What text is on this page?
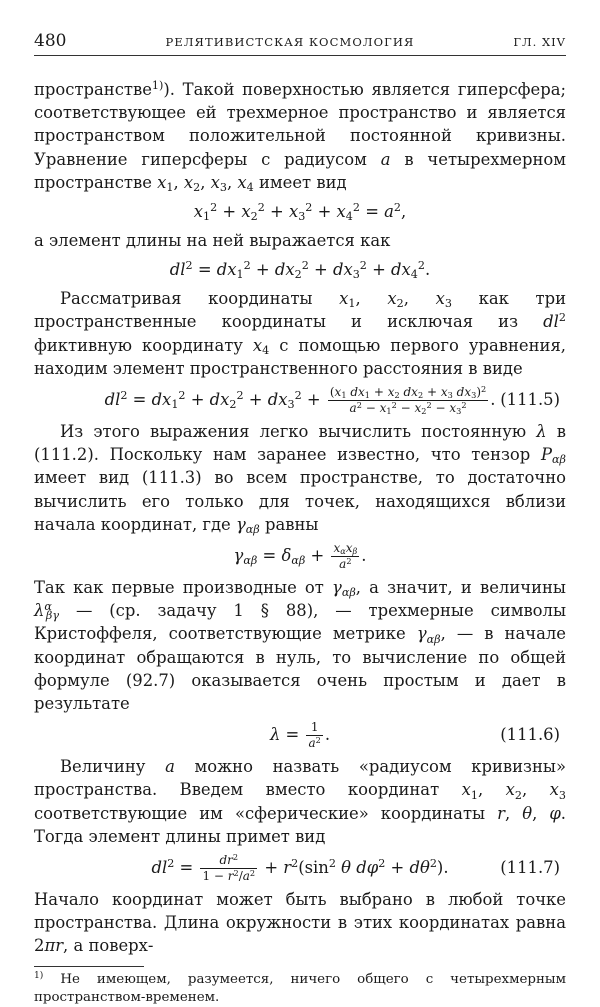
480	РЕЛЯТИВИСТСКАЯ КОСМОЛОГИЯ	ГЛ. XIV

пространстве$^{1)}$). Такой поверхностью является гиперсфера; соответствующее ей трехмерное пространство и является пространством положительной постоянной кривизны. Уравнение гиперсферы с радиусом a в четырехмерном пространстве $x_1$, $x_2$, $x_3$, $x_4$ имеет вид

$x_1^2 + x_2^2 + x_3^2 + x_4^2 = a^2$,

а элемент длины на ней выражается как

$dl^2 = dx_1^2 + dx_2^2 + dx_3^2 + dx_4^2$.

Рассматривая координаты $x_1$, $x_2$, $x_3$ как три пространственные координаты и исключая из $dl^2$ фиктивную координату $x_4$ с помощью первого уравнения, находим элемент пространственного расстояния в виде

$dl^2 = dx_1^2 + dx_2^2 + dx_3^2 + \frac{(x_1 dx_1 + x_2 dx_2 + x_3 dx_3)^2}{a^2 - x_1^2 - x_2^2 - x_3^2}$ . (111.5)

Из этого выражения легко вычислить постоянную λ в (111.2). Поскольку нам заранее известно, что тензор $P_{\alpha\beta}$ имеет вид (111.3) во всем пространстве, то достаточно вычислить его только для точек, находящихся вблизи начала координат, где $\gamma_{\alpha\beta}$ равны

$\gamma_{\alpha\beta} = \delta_{\alpha\beta} + \frac{x_\alpha x_\beta}{a^2}$ .

Так как первые производные от $\gamma_{\alpha\beta}$, а значит, и величины $\lambda^\alpha_{\beta\gamma}$ — (ср. задачу 1 § 88), — трехмерные символы Кристоффеля, соответствующие метрике $\gamma_{\alpha\beta}$, — в начале координат обращаются в нуль, то вычисление по общей формуле (92.7) оказывается очень простым и дает в результате

$\lambda = \frac{1}{a^2}$ .	(111.6)

Величину a можно назвать «радиусом кривизны» пространства. Введем вместо координат $x_1$, $x_2$, $x_3$ соответствующие им «сферические» координаты r, θ, φ. Тогда элемент длины примет вид

$dl^2 = \frac{dr^2}{1 - r^2/a^2} + r^2(\sin^2$ θ $d\varphi^2 + d\theta^2$).	(111.7)

Начало координат может быть выбрано в любой точке пространства. Длина окружности в этих координатах равна 2πr, а поверх-

$^{1)}$ Не имеющем, разумеется, ничего общего с четырехмерным пространством-временем.
